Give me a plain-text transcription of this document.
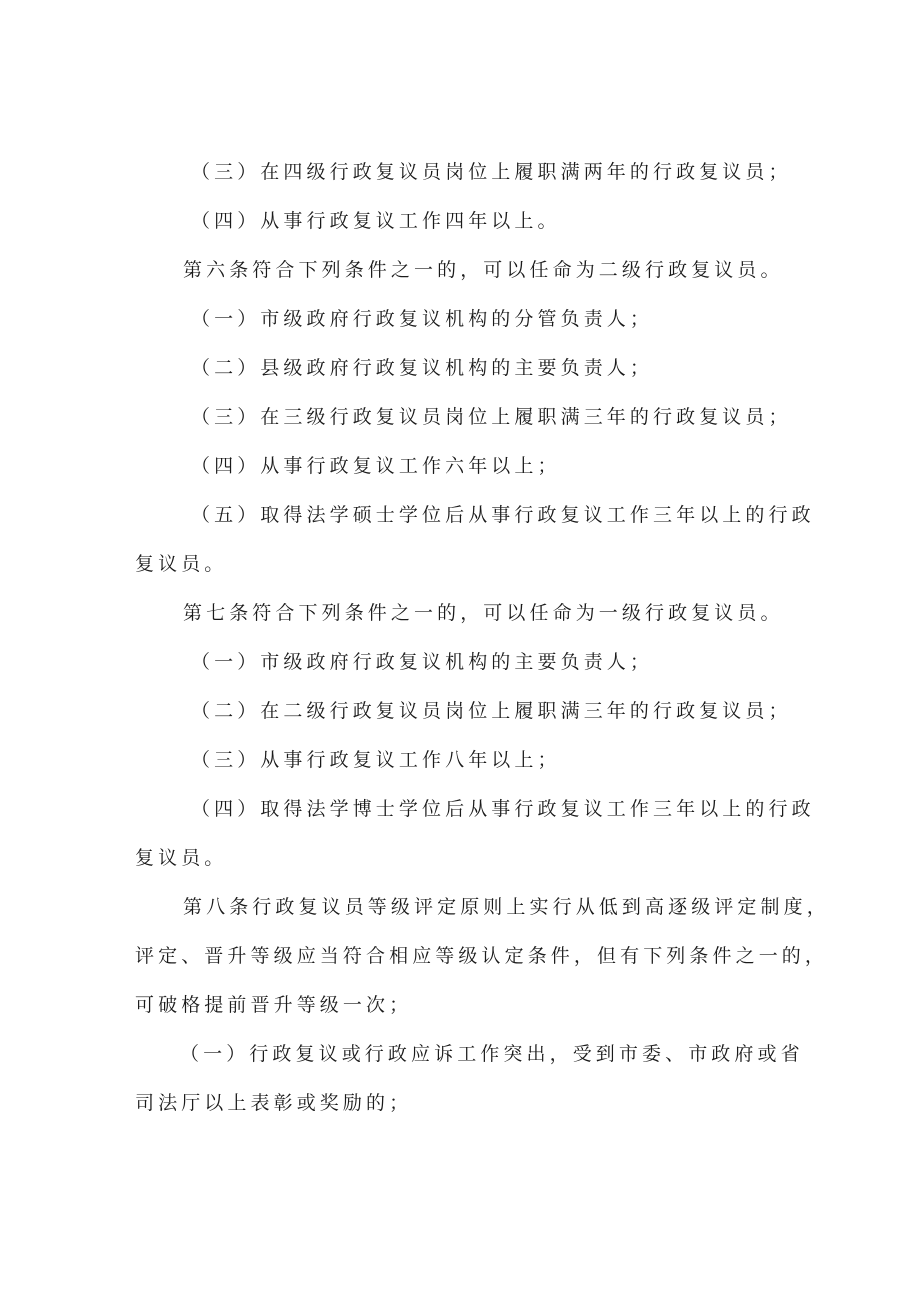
（三）在四级行政复议员岗位上履职满两年的行政复议员；

（四）从事行政复议工作四年以上。

第六条符合下列条件之一的，可以任命为二级行政复议员。

（一）市级政府行政复议机构的分管负责人；

（二）县级政府行政复议机构的主要负责人；

（三）在三级行政复议员岗位上履职满三年的行政复议员；

（四）从事行政复议工作六年以上；

（五）取得法学硕士学位后从事行政复议工作三年以上的行政

复议员。

第七条符合下列条件之一的，可以任命为一级行政复议员。

（一）市级政府行政复议机构的主要负责人；

（二）在二级行政复议员岗位上履职满三年的行政复议员；

（三）从事行政复议工作八年以上；

（四）取得法学博士学位后从事行政复议工作三年以上的行政

复议员。

第八条行政复议员等级评定原则上实行从低到高逐级评定制度，

评定、晋升等级应当符合相应等级认定条件，但有下列条件之一的，

可破格提前晋升等级一次；

（一）行政复议或行政应诉工作突出，受到市委、市政府或省

司法厅以上表彰或奖励的；
